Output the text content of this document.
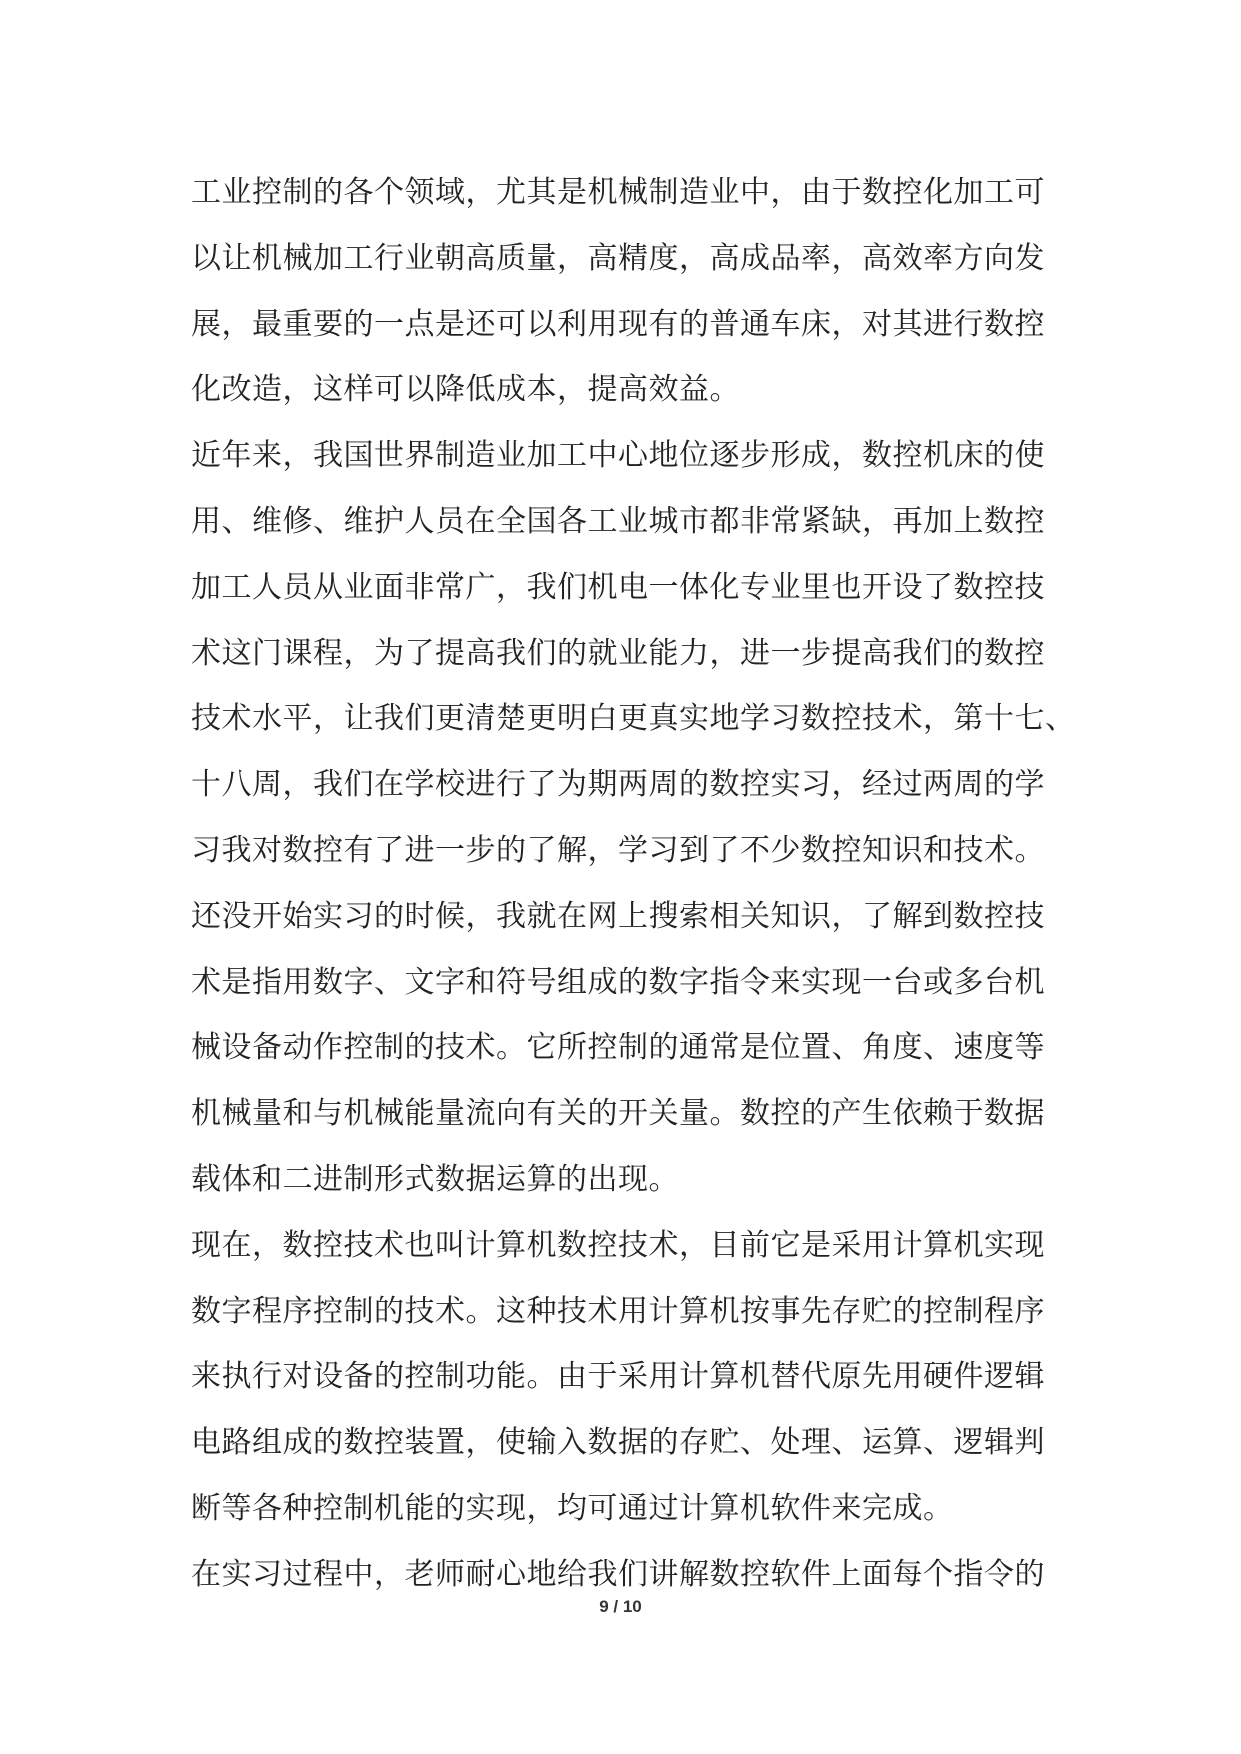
工业控制的各个领域，尤其是机械制造业中，由于数控化加工可
以让机械加工行业朝高质量，高精度，高成品率，高效率方向发
展，最重要的一点是还可以利用现有的普通车床，对其进行数控
化改造，这样可以降低成本，提高效益。
近年来，我国世界制造业加工中心地位逐步形成，数控机床的使
用、维修、维护人员在全国各工业城市都非常紧缺，再加上数控
加工人员从业面非常广，我们机电一体化专业里也开设了数控技
术这门课程，为了提高我们的就业能力，进一步提高我们的数控
技术水平，让我们更清楚更明白更真实地学习数控技术，第十七、
十八周，我们在学校进行了为期两周的数控实习，经过两周的学
习我对数控有了进一步的了解，学习到了不少数控知识和技术。
还没开始实习的时候，我就在网上搜索相关知识，了解到数控技
术是指用数字、文字和符号组成的数字指令来实现一台或多台机
械设备动作控制的技术。它所控制的通常是位置、角度、速度等
机械量和与机械能量流向有关的开关量。数控的产生依赖于数据
载体和二进制形式数据运算的出现。
现在，数控技术也叫计算机数控技术，目前它是采用计算机实现
数字程序控制的技术。这种技术用计算机按事先存贮的控制程序
来执行对设备的控制功能。由于采用计算机替代原先用硬件逻辑
电路组成的数控装置，使输入数据的存贮、处理、运算、逻辑判
断等各种控制机能的实现，均可通过计算机软件来完成。
在实习过程中，老师耐心地给我们讲解数控软件上面每个指令的
9 / 10
